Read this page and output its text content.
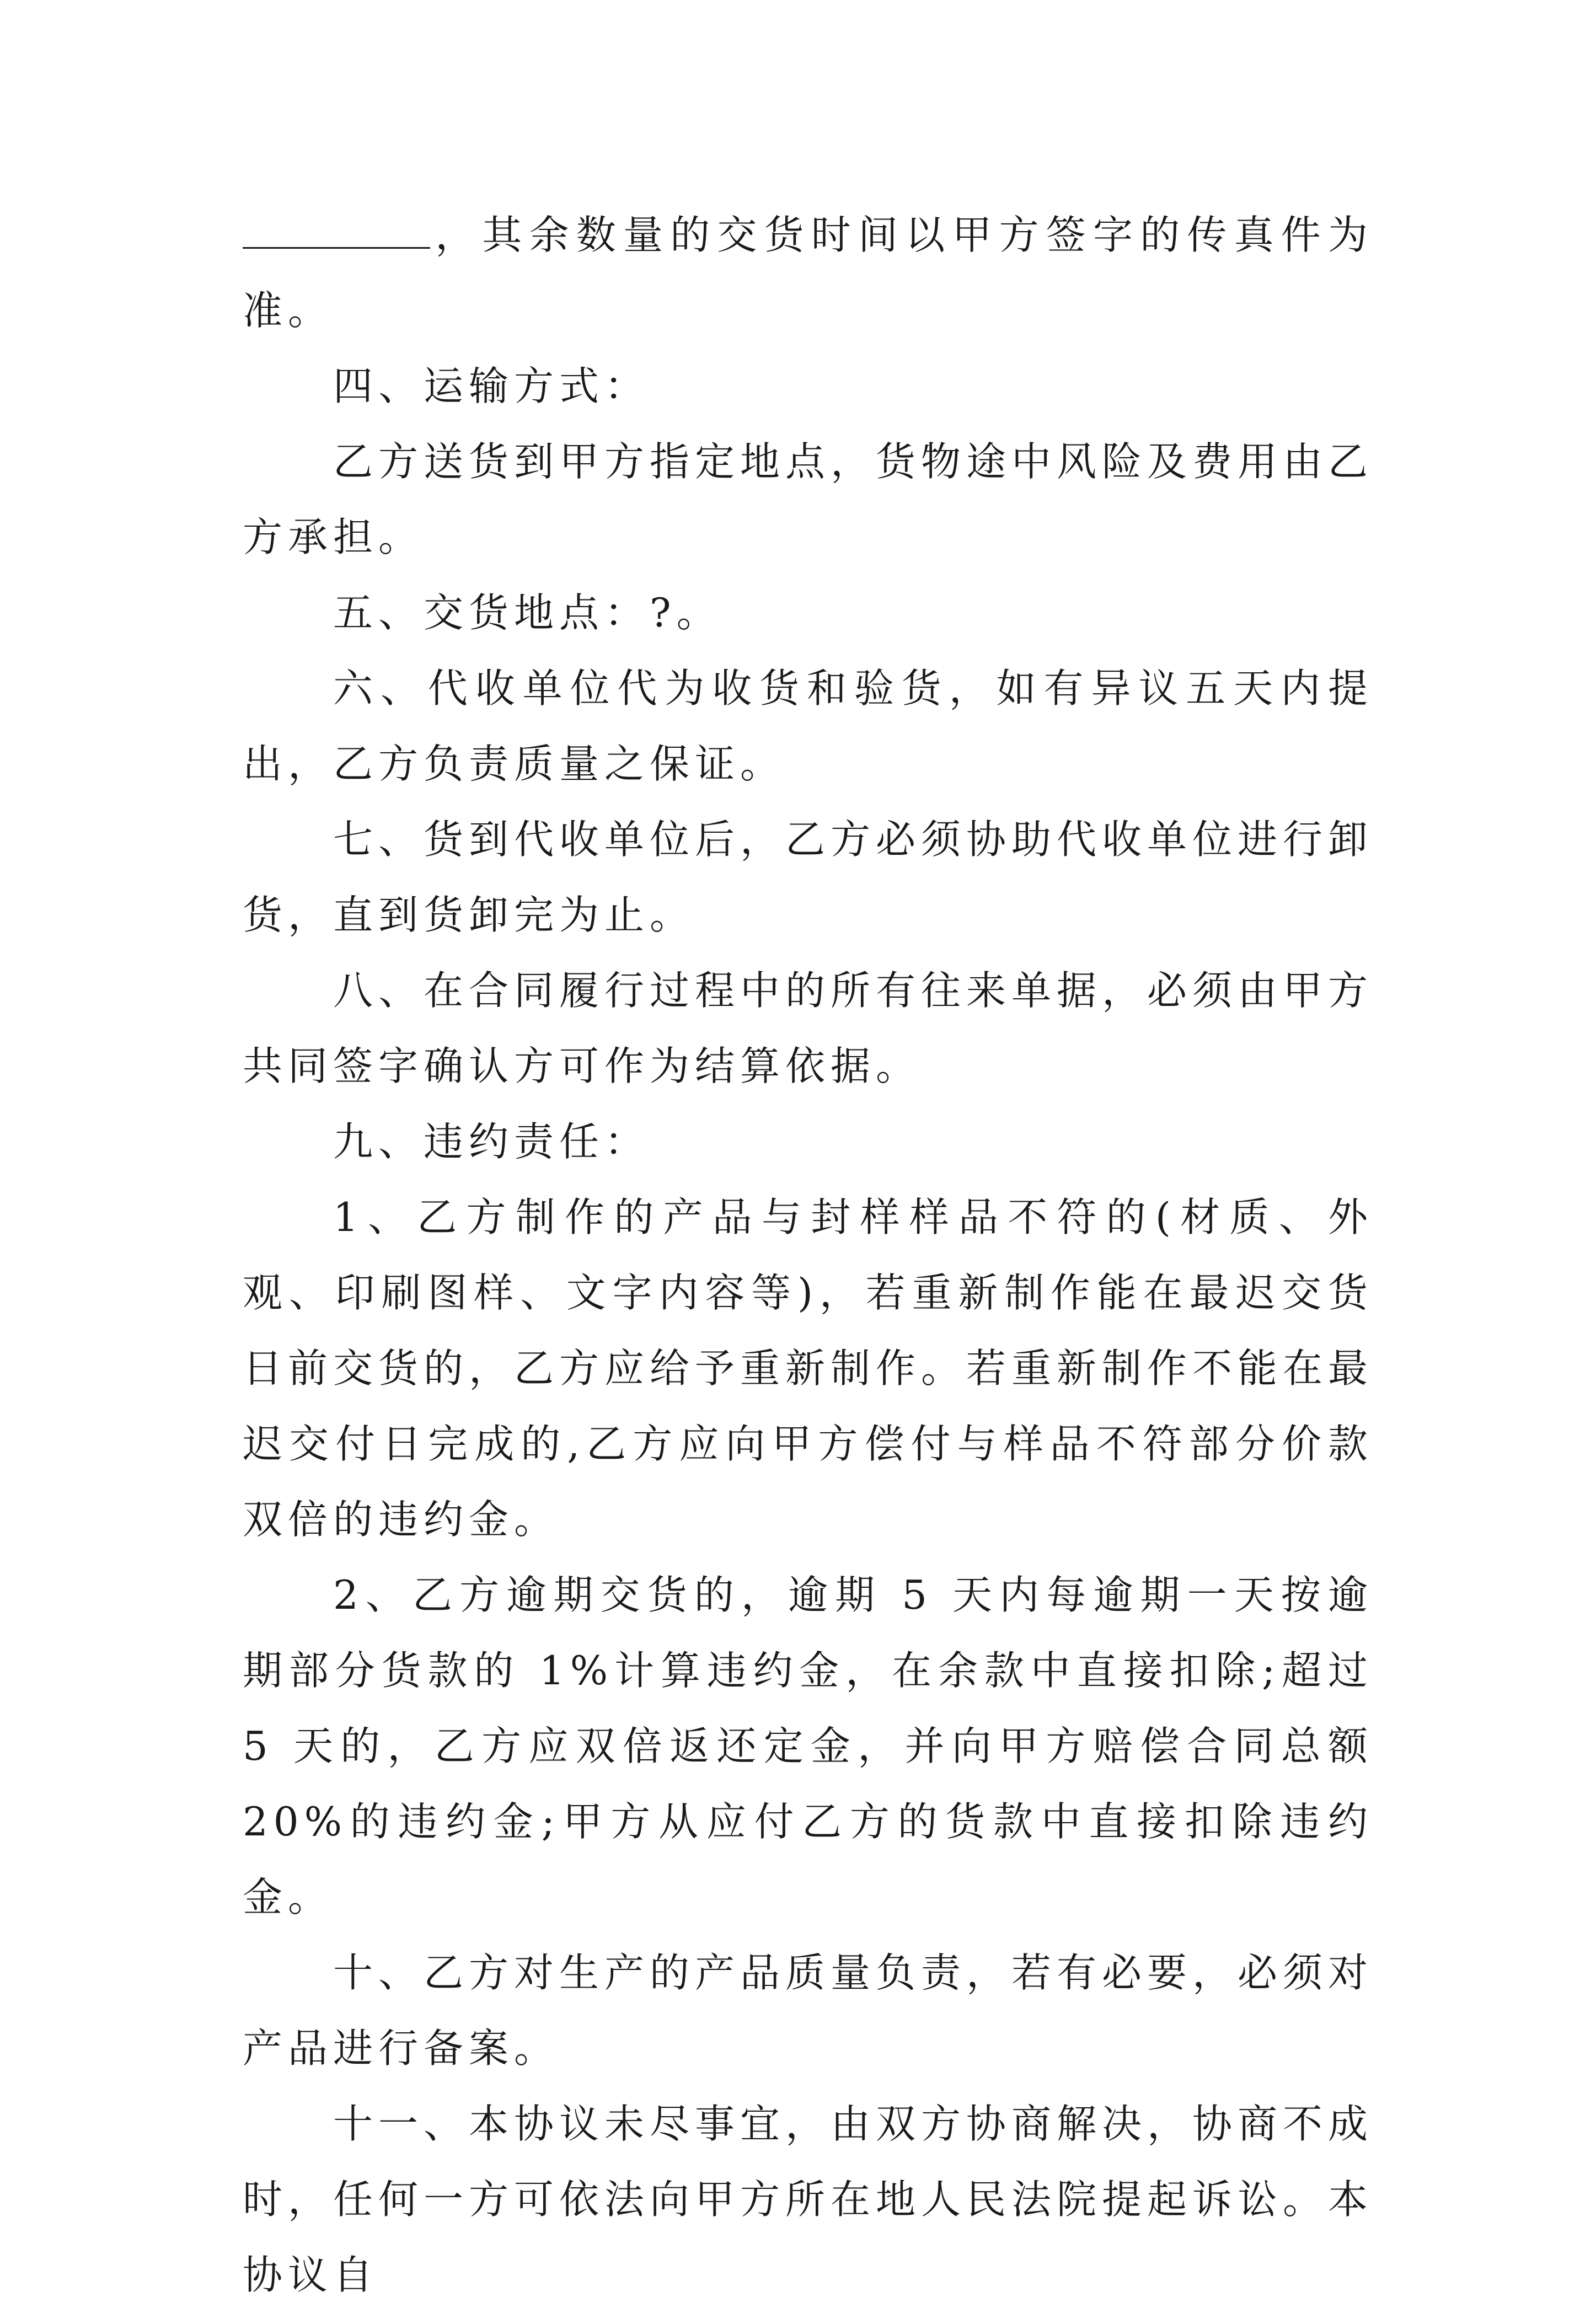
，其余数量的交货时间以甲方签字的传真件为准。

四、运输方式：

乙方送货到甲方指定地点，货物途中风险及费用由乙方承担。

五、交货地点：?。

六、代收单位代为收货和验货，如有异议五天内提出，乙方负责质量之保证。

七、货到代收单位后，乙方必须协助代收单位进行卸货，直到货卸完为止。

八、在合同履行过程中的所有往来单据，必须由甲方共同签字确认方可作为结算依据。

九、违约责任：

1、乙方制作的产品与封样样品不符的(材质、外观、印刷图样、文字内容等)，若重新制作能在最迟交货日前交货的，乙方应给予重新制作。若重新制作不能在最迟交付日完成的,乙方应向甲方偿付与样品不符部分价款双倍的违约金。

2、乙方逾期交货的，逾期 5 天内每逾期一天按逾期部分货款的 1%计算违约金，在余款中直接扣除;超过 5 天的，乙方应双倍返还定金，并向甲方赔偿合同总额 20%的违约金;甲方从应付乙方的货款中直接扣除违约金。

十、乙方对生产的产品质量负责，若有必要，必须对产品进行备案。

十一、本协议未尽事宜，由双方协商解决，协商不成时，任何一方可依法向甲方所在地人民法院提起诉讼。本协议自
